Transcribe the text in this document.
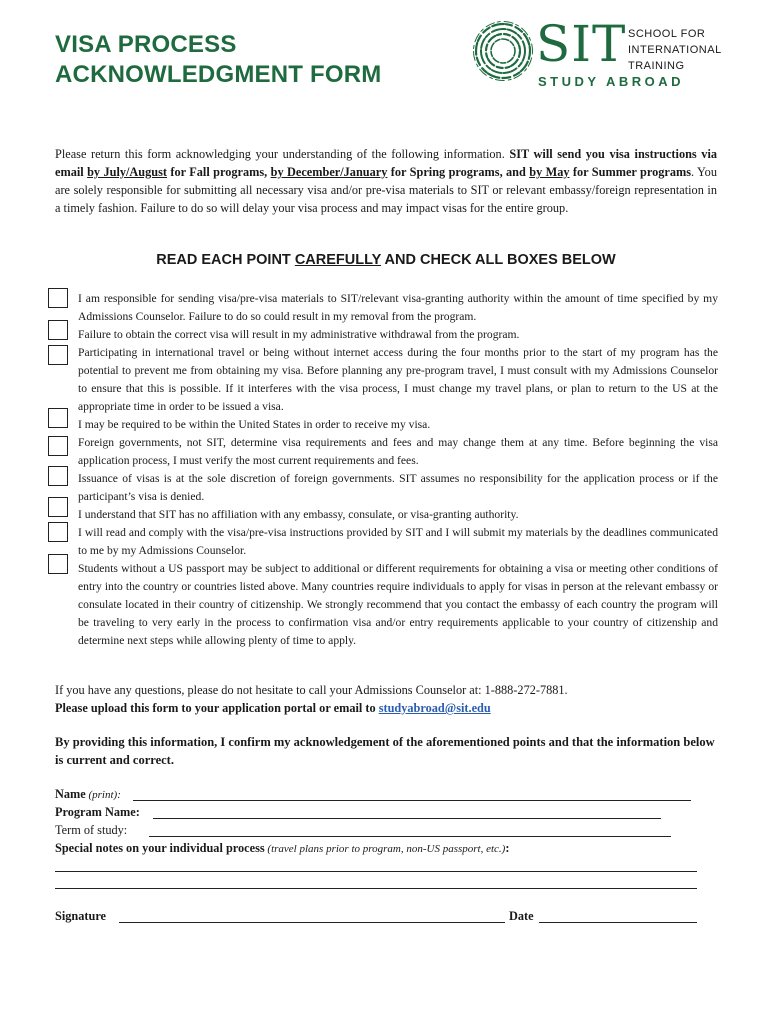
VISA PROCESS
ACKNOWLEDGMENT FORM
SIT SCHOOL FOR
INTERNATIONAL
TRAINING
STUDY ABROAD

Please return this form acknowledging your understanding of the following information. SIT will send you visa instructions via email by July/August for Fall programs, by December/January for Spring programs, and by May for Summer programs. You are solely responsible for submitting all necessary visa and/or pre-visa materials to SIT or relevant embassy/foreign representation in a timely fashion. Failure to do so will delay your visa process and may impact visas for the entire group.

READ EACH POINT CAREFULLY AND CHECK ALL BOXES BELOW

I am responsible for sending visa/pre-visa materials to SIT/relevant visa-granting authority within the amount of time specified by my Admissions Counselor. Failure to do so could result in my removal from the program.

Failure to obtain the correct visa will result in my administrative withdrawal from the program.

Participating in international travel or being without internet access during the four months prior to the start of my program has the potential to prevent me from obtaining my visa. Before planning any pre-program travel, I must consult with my Admissions Counselor to ensure that this is possible. If it interferes with the visa process, I must change my travel plans, or plan to return to the US at the appropriate time in order to be issued a visa.

I may be required to be within the United States in order to receive my visa.

Foreign governments, not SIT, determine visa requirements and fees and may change them at any time. Before beginning the visa application process, I must verify the most current requirements and fees.

Issuance of visas is at the sole discretion of foreign governments. SIT assumes no responsibility for the application process or if the participant’s visa is denied.

I understand that SIT has no affiliation with any embassy, consulate, or visa-granting authority.

I will read and comply with the visa/pre-visa instructions provided by SIT and I will submit my materials by the deadlines communicated to me by my Admissions Counselor.

Students without a US passport may be subject to additional or different requirements for obtaining a visa or meeting other conditions of entry into the country or countries listed above. Many countries require individuals to apply for visas in person at the relevant embassy or consulate located in their country of citizenship. We strongly recommend that you contact the embassy of each country the program will be traveling to very early in the process to confirmation visa and/or entry requirements applicable to your country of citizenship and determine next steps while allowing plenty of time to apply.

If you have any questions, please do not hesitate to call your Admissions Counselor at: 1-888-272-7881.

Please upload this form to your application portal or email to studyabroad@sit.edu

By providing this information, I confirm my acknowledgement of the aforementioned points and that the information below is current and correct.

Name (print):
Program Name:
Term of study:
Special notes on your individual process (travel plans prior to program, non-US passport, etc.):
Signature	Date
